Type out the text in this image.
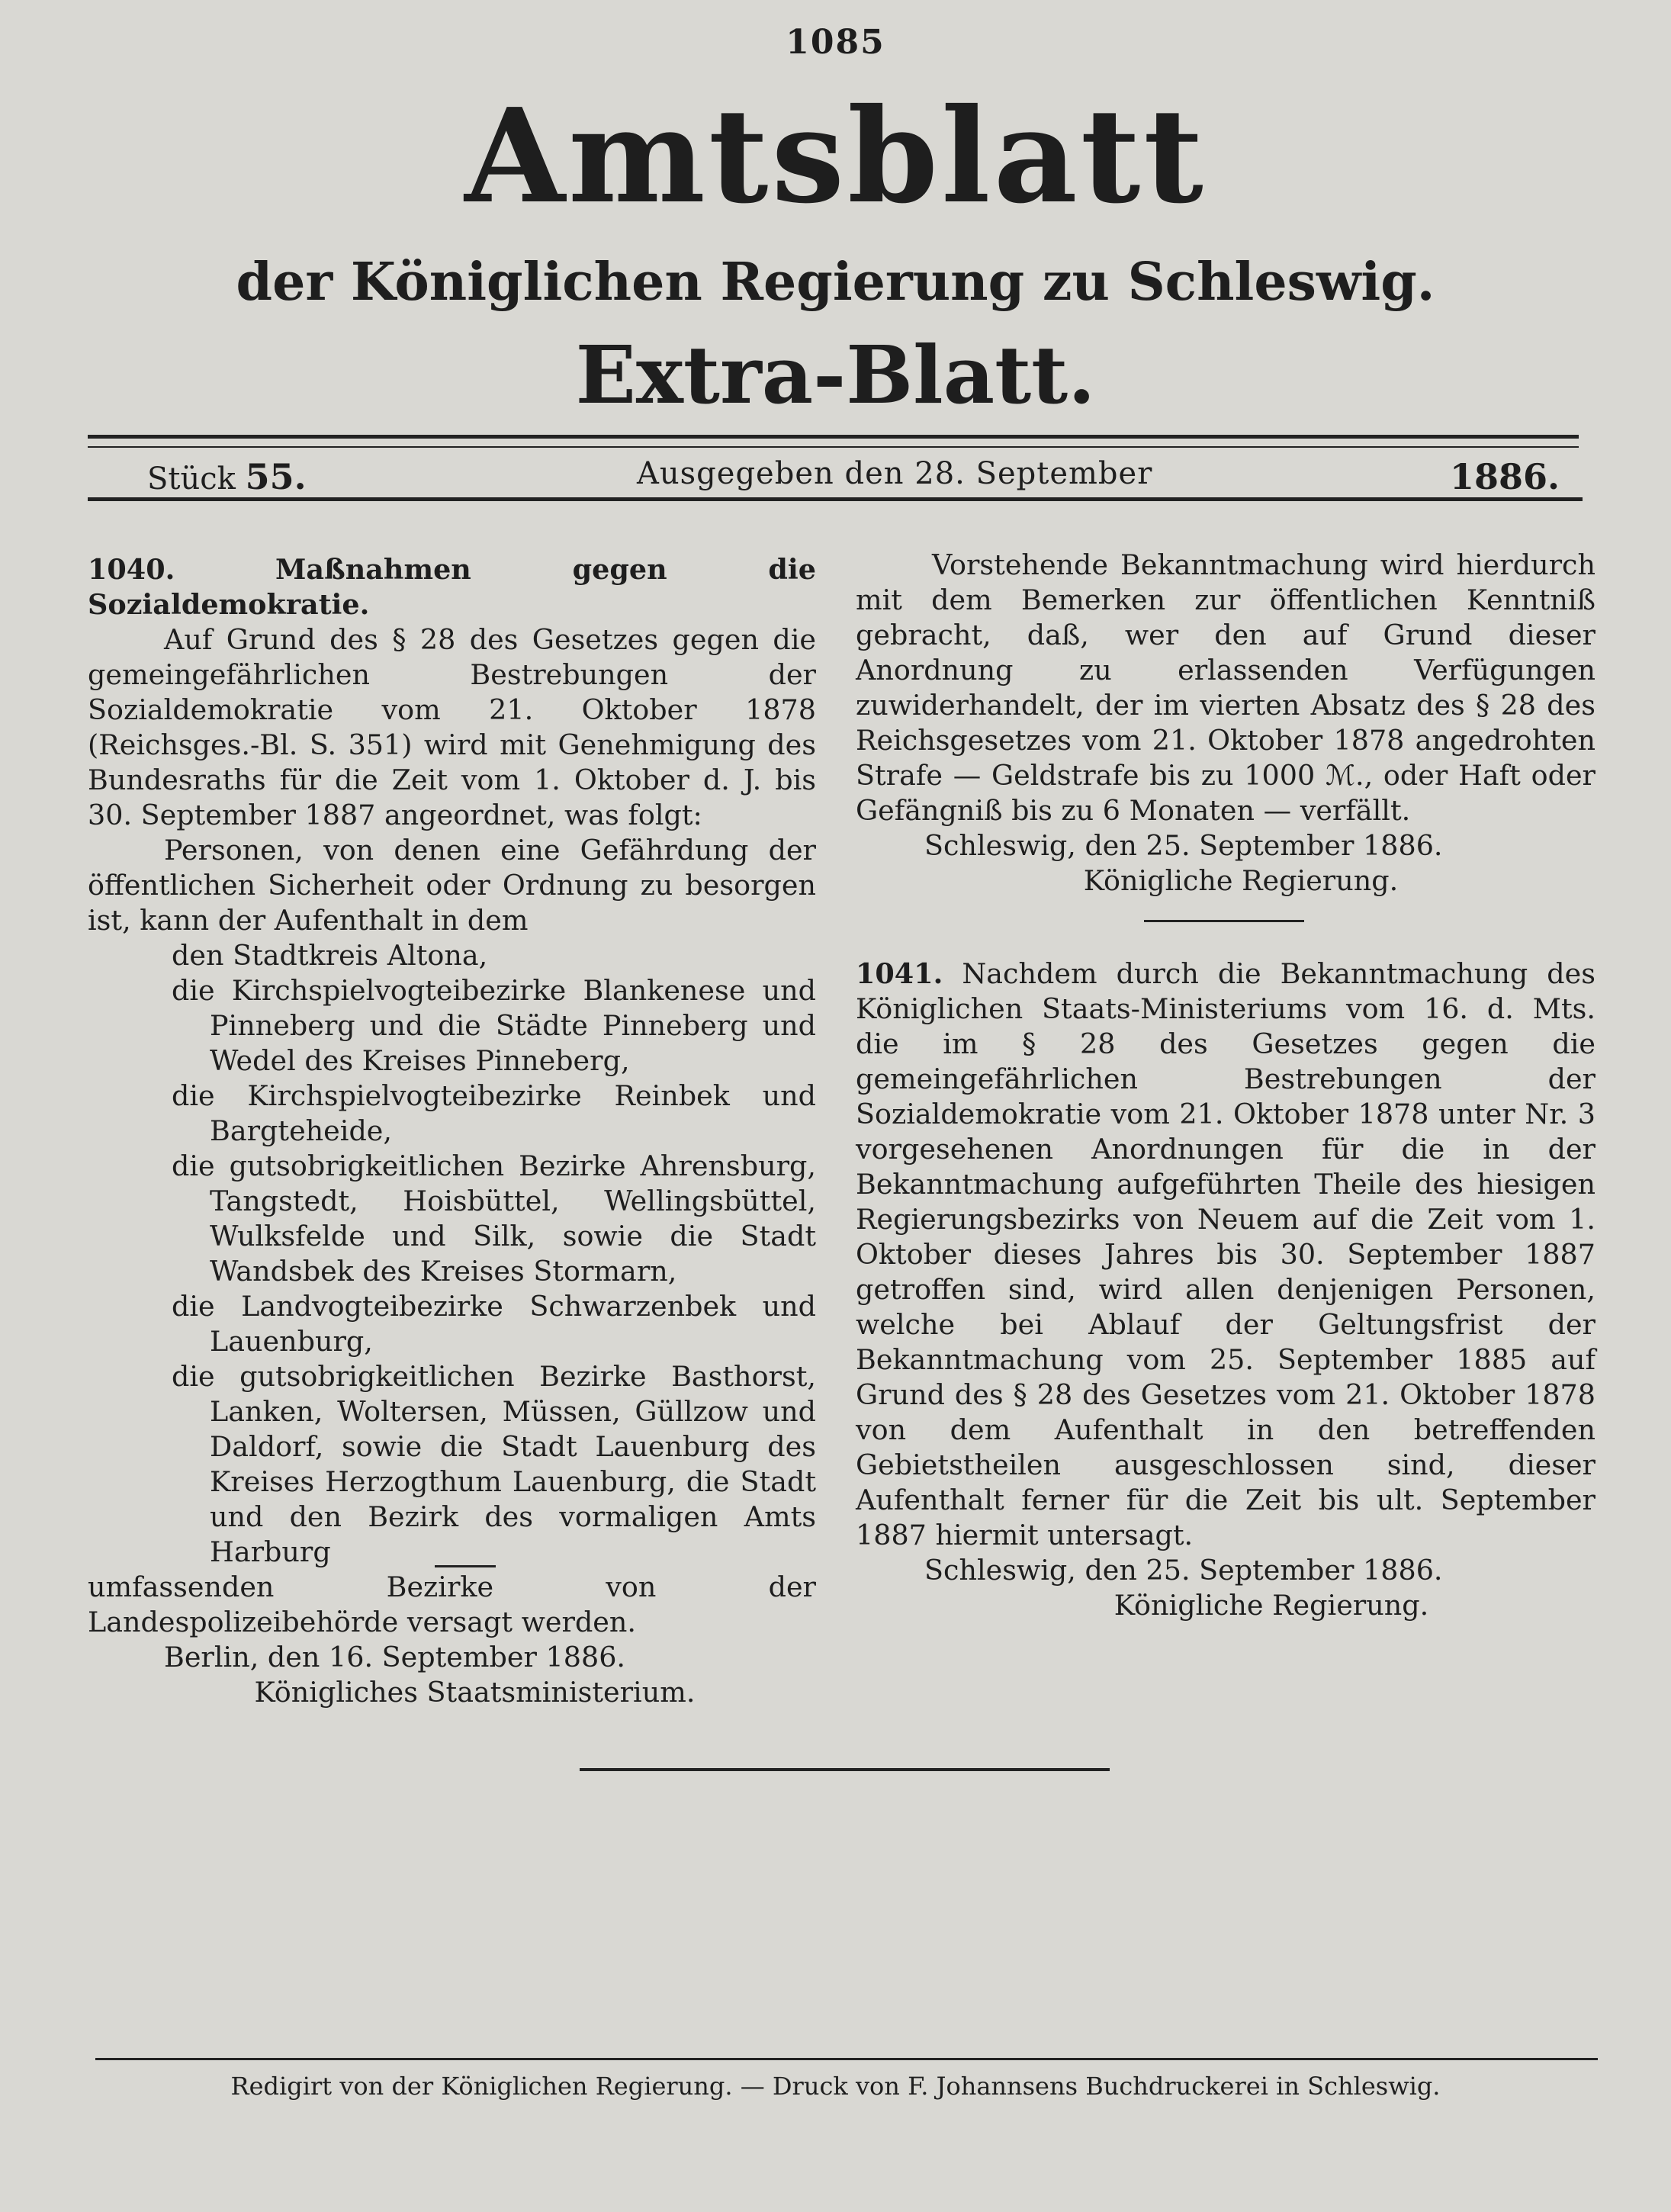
1085
Amtsblatt
der Königlichen Regierung zu Schleswig.
Extra-Blatt.
Stück 55.	Ausgegeben den 28. September	1886.

1040.	Maßnahmen gegen die Sozialdemokratie.

Auf Grund des § 28 des Gesetzes gegen die gemeingefährlichen Bestrebungen der Sozialdemokratie vom 21. Oktober 1878 (Reichsges.-Bl. S. 351) wird mit Genehmigung des Bundesraths für die Zeit vom 1. Oktober d. J. bis 30. September 1887 angeordnet, was folgt:

Personen, von denen eine Gefährdung der öffentlichen Sicherheit oder Ordnung zu besorgen ist, kann der Aufenthalt in dem

den Stadtkreis Altona,

die Kirchspielvogteibezirke Blankenese und Pinneberg und die Städte Pinneberg und Wedel des Kreises Pinneberg,

die Kirchspielvogteibezirke Reinbek und Bargteheide,

die gutsobrigkeitlichen Bezirke Ahrensburg, Tangstedt, Hoisbüttel, Wellingsbüttel, Wulksfelde und Silk, sowie die Stadt Wandsbek des Kreises Stormarn,

die Landvogteibezirke Schwarzenbek und Lauenburg,

die gutsobrigkeitlichen Bezirke Basthorst, Lanken, Woltersen, Müssen, Güllzow und Daldorf, sowie die Stadt Lauenburg des Kreises Herzogthum Lauenburg, die Stadt und den Bezirk des vormaligen Amts Harburg

umfassenden Bezirke von der Landespolizeibehörde versagt werden.

Berlin, den 16. September 1886.

Königliches Staatsministerium.

Vorstehende Bekanntmachung wird hierdurch mit dem Bemerken zur öffentlichen Kenntniß gebracht, daß, wer den auf Grund dieser Anordnung zu erlassenden Verfügungen zuwiderhandelt, der im vierten Absatz des § 28 des Reichsgesetzes vom 21. Oktober 1878 angedrohten Strafe — Geldstrafe bis zu 1000 ℳ., oder Haft oder Gefängniß bis zu 6 Monaten — verfällt.

Schleswig, den 25. September 1886.

Königliche Regierung.

1041. Nachdem durch die Bekanntmachung des Königlichen Staats-Ministeriums vom 16. d. Mts. die im § 28 des Gesetzes gegen die gemeingefährlichen Bestrebungen der Sozialdemokratie vom 21. Oktober 1878 unter Nr. 3 vorgesehenen Anordnungen für die in der Bekanntmachung aufgeführten Theile des hiesigen Regierungsbezirks von Neuem auf die Zeit vom 1. Oktober dieses Jahres bis 30. September 1887 getroffen sind, wird allen denjenigen Personen, welche bei Ablauf der Geltungsfrist der Bekanntmachung vom 25. September 1885 auf Grund des § 28 des Gesetzes vom 21. Oktober 1878 von dem Aufenthalt in den betreffenden Gebietstheilen ausgeschlossen sind, dieser Aufenthalt ferner für die Zeit bis ult. September 1887 hiermit untersagt.

Schleswig, den 25. September 1886.

Königliche Regierung.

Redigirt von der Königlichen Regierung. — Druck von F. Johannsens Buchdruckerei in Schleswig.
